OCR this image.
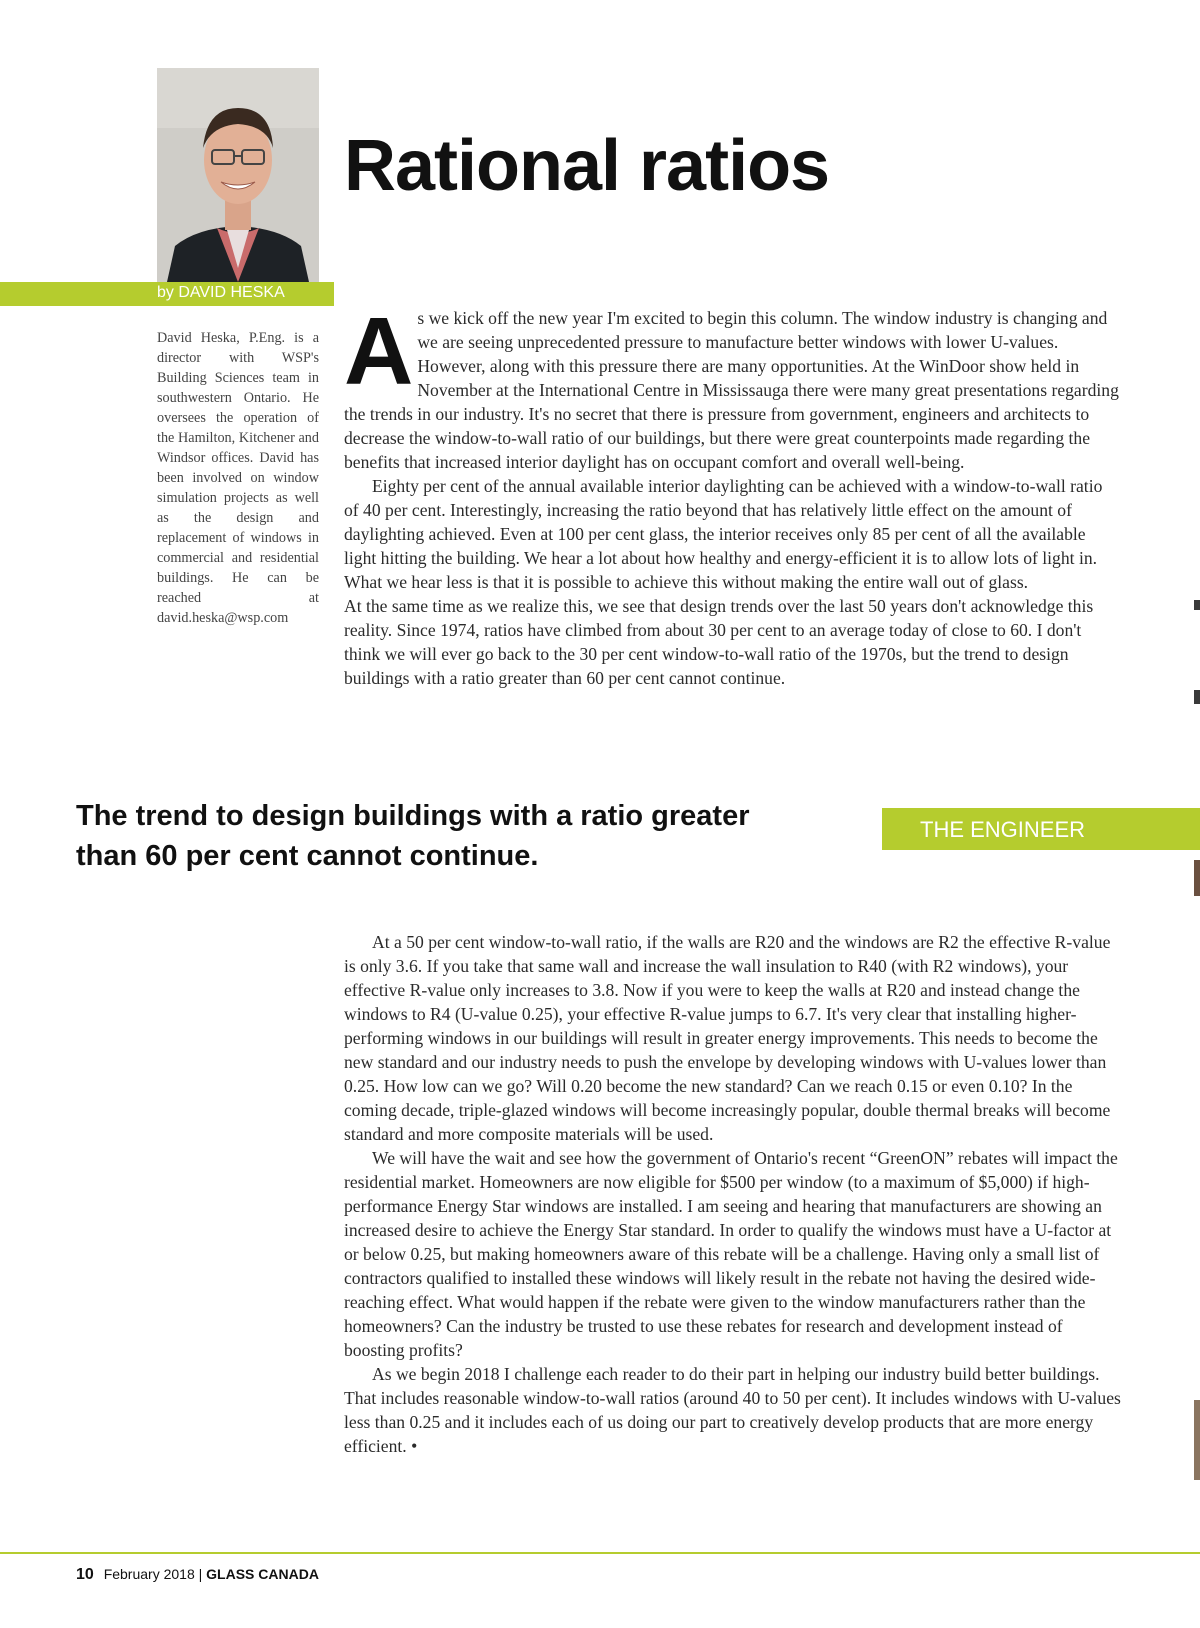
by DAVID HESKA
Rational ratios

David Heska, P.Eng. is a director with WSP's Building Sciences team in southwestern Ontario. He oversees the operation of the Hamilton, Kitchener and Windsor offices. David has been involved on window simulation projects as well as the design and replacement of windows in commercial and residential buildings. He can be reached at david.heska@wsp.com

A s we kick off the new year I'm excited to begin this column. The window industry is changing and we are seeing unprecedented pressure to manufacture better windows with lower U-values. However, along with this pressure there are many opportunities. At the WinDoor show held in November at the International Centre in Mississauga there were many great presentations regarding the trends in our industry. It's no secret that there is pressure from government, engineers and architects to decrease the window-to-wall ratio of our buildings, but there were great counterpoints made regarding the benefits that increased interior daylight has on occupant comfort and overall well-being.

Eighty per cent of the annual available interior daylighting can be achieved with a window-to-wall ratio of 40 per cent. Interestingly, increasing the ratio beyond that has relatively little effect on the amount of daylighting achieved. Even at 100 per cent glass, the interior receives only 85 per cent of all the available light hitting the building. We hear a lot about how healthy and energy-efficient it is to allow lots of light in. What we hear less is that it is possible to achieve this without making the entire wall out of glass.

At the same time as we realize this, we see that design trends over the last 50 years don't acknowledge this reality. Since 1974, ratios have climbed from about 30 per cent to an average today of close to 60. I don't think we will ever go back to the 30 per cent window-to-wall ratio of the 1970s, but the trend to design buildings with a ratio greater than 60 per cent cannot continue.

The trend to design buildings with a ratio greater than 60 per cent cannot continue.

THE ENGINEER

At a 50 per cent window-to-wall ratio, if the walls are R20 and the windows are R2 the effective R-value is only 3.6. If you take that same wall and increase the wall insulation to R40 (with R2 windows), your effective R-value only increases to 3.8. Now if you were to keep the walls at R20 and instead change the windows to R4 (U-value 0.25), your effective R-value jumps to 6.7. It's very clear that installing higher-performing windows in our buildings will result in greater energy improvements. This needs to become the new standard and our industry needs to push the envelope by developing windows with U-values lower than 0.25. How low can we go? Will 0.20 become the new standard? Can we reach 0.15 or even 0.10? In the coming decade, triple-glazed windows will become increasingly popular, double thermal breaks will become standard and more composite materials will be used.

We will have the wait and see how the government of Ontario's recent “GreenON” rebates will impact the residential market. Homeowners are now eligible for $500 per window (to a maximum of $5,000) if high-performance Energy Star windows are installed. I am seeing and hearing that manufacturers are showing an increased desire to achieve the Energy Star standard. In order to qualify the windows must have a U-factor at or below 0.25, but making homeowners aware of this rebate will be a challenge. Having only a small list of contractors qualified to installed these windows will likely result in the rebate not having the desired wide-reaching effect. What would happen if the rebate were given to the window manufacturers rather than the homeowners? Can the industry be trusted to use these rebates for research and development instead of boosting profits?

As we begin 2018 I challenge each reader to do their part in helping our industry build better buildings. That includes reasonable window-to-wall ratios (around 40 to 50 per cent). It includes windows with U-values less than 0.25 and it includes each of us doing our part to creatively develop products that are more energy efficient. •

10 February 2018 | GLASS CANADA
